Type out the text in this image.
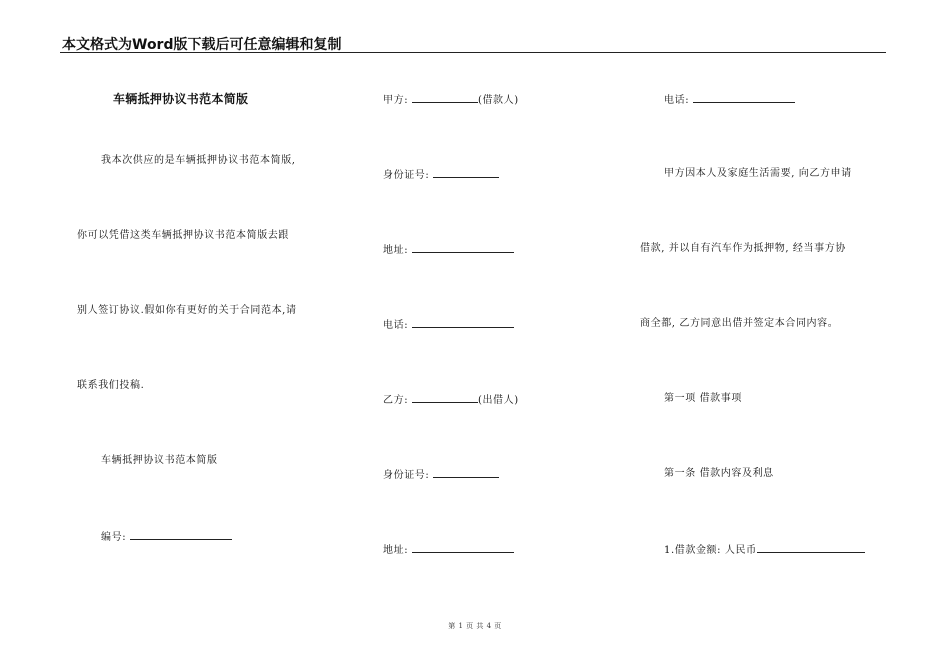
本文格式为Word版下载后可任意编辑和复制
车辆抵押协议书范本简版
我本次供应的是车辆抵押协议书范本简版,
你可以凭借这类车辆抵押协议书范本简版去跟
别人签订协议.假如你有更好的关于合同范本,请
联系我们投稿.
车辆抵押协议书范本简版
编号:
甲方:	(借款人)
身份证号:
地址:
电话:
乙方:	(出借人)
身份证号:
地址:
电话:
甲方因本人及家庭生活需要, 向乙方申请
借款, 并以自有汽车作为抵押物, 经当事方协
商全都, 乙方同意出借并签定本合同内容。
第一项 借款事项
第一条 借款内容及利息
1.借款金额: 人民币
第 1 页 共 4 页
